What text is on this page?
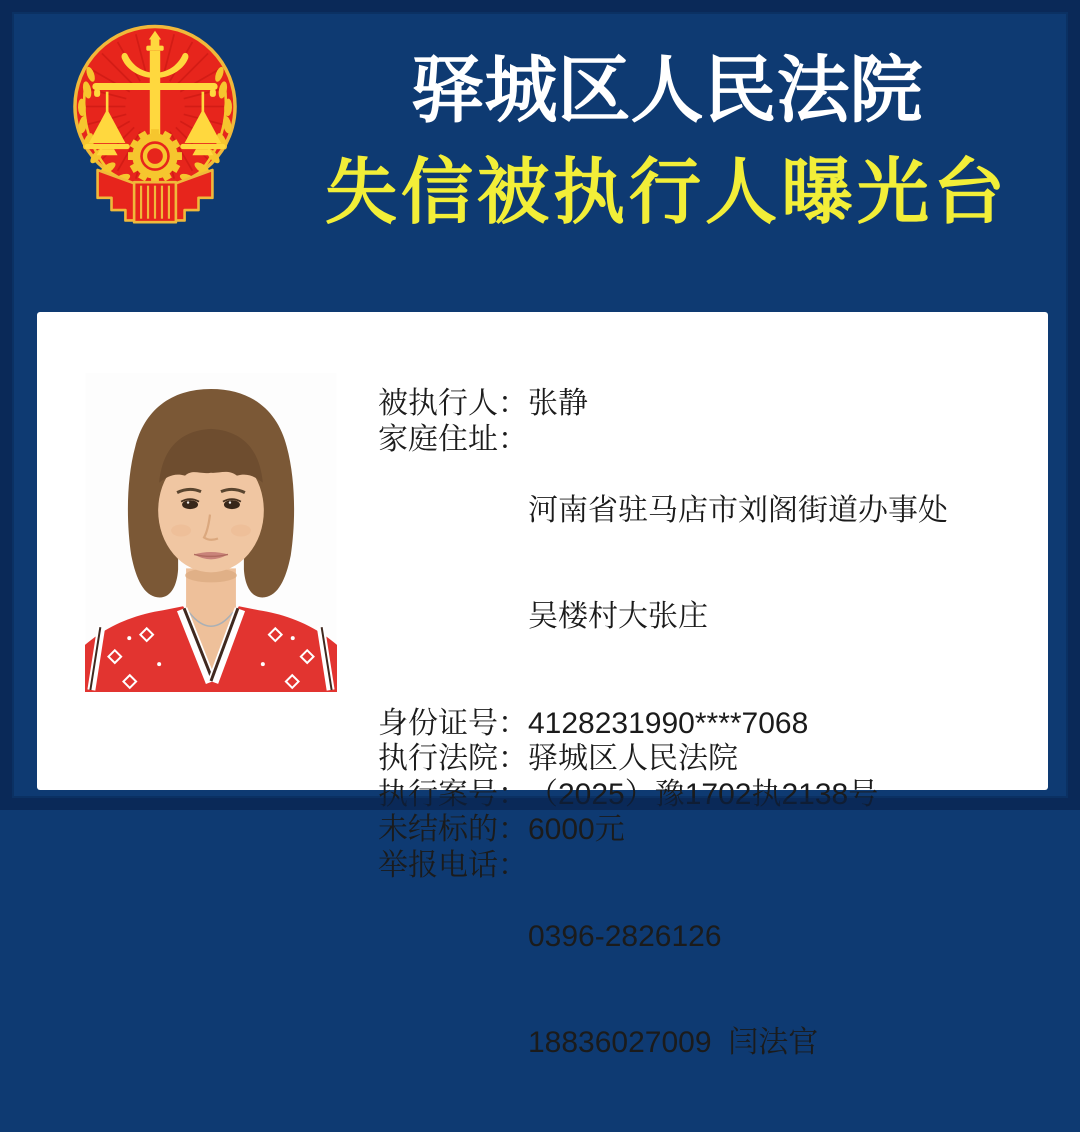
驿城区人民法院
失信被执行人曝光台
被执行人： 张静
家庭住址：

河南省驻马店市刘阁街道办事处

吴楼村大张庄

身份证号： 4128231990****7068
执行法院： 驿城区人民法院
执行案号： （2025）豫1702执2138号
未结标的： 6000元
举报电话：

0396-2826126

18836027009  闫法官
